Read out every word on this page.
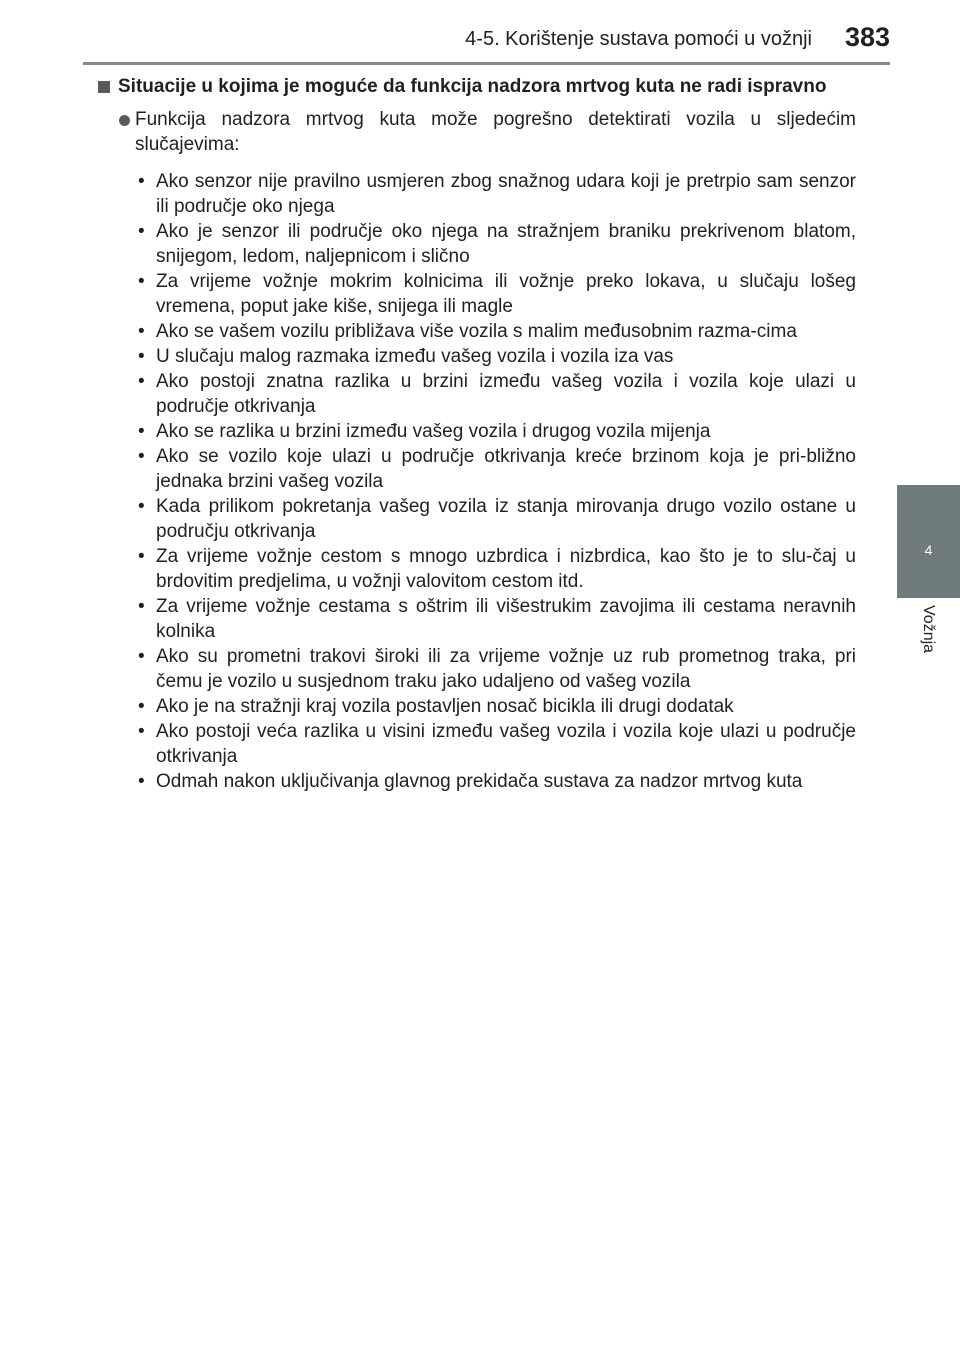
4-5. Korištenje sustava pomoći u vožnji 383
4
Vožnja
Situacije u kojima je moguće da funkcija nadzora mrtvog kuta ne radi ispravno
Funkcija nadzora mrtvog kuta može pogrešno detektirati vozila u sljedećim slučajevima:
• Ako senzor nije pravilno usmjeren zbog snažnog udara koji je pretrpio sam senzor ili područje oko njega
• Ako je senzor ili područje oko njega na stražnjem braniku prekrivenom blatom, snijegom, ledom, naljepnicom i slično
• Za vrijeme vožnje mokrim kolnicima ili vožnje preko lokava, u slučaju lošeg vremena, poput jake kiše, snijega ili magle
• Ako se vašem vozilu približava više vozila s malim međusobnim razma-cima
• U slučaju malog razmaka između vašeg vozila i vozila iza vas
• Ako postoji znatna razlika u brzini između vašeg vozila i vozila koje ulazi u područje otkrivanja
• Ako se razlika u brzini između vašeg vozila i drugog vozila mijenja
• Ako se vozilo koje ulazi u područje otkrivanja kreće brzinom koja je pri-bližno jednaka brzini vašeg vozila
• Kada prilikom pokretanja vašeg vozila iz stanja mirovanja drugo vozilo ostane u području otkrivanja
• Za vrijeme vožnje cestom s mnogo uzbrdica i nizbrdica, kao što je to slu-čaj u brdovitim predjelima, u vožnji valovitom cestom itd.
• Za vrijeme vožnje cestama s oštrim ili višestrukim zavojima ili cestama neravnih kolnika
• Ako su prometni trakovi široki ili za vrijeme vožnje uz rub prometnog traka, pri čemu je vozilo u susjednom traku jako udaljeno od vašeg vozila
• Ako je na stražnji kraj vozila postavljen nosač bicikla ili drugi dodatak
• Ako postoji veća razlika u visini između vašeg vozila i vozila koje ulazi u područje otkrivanja
• Odmah nakon uključivanja glavnog prekidača sustava za nadzor mrtvog kuta
